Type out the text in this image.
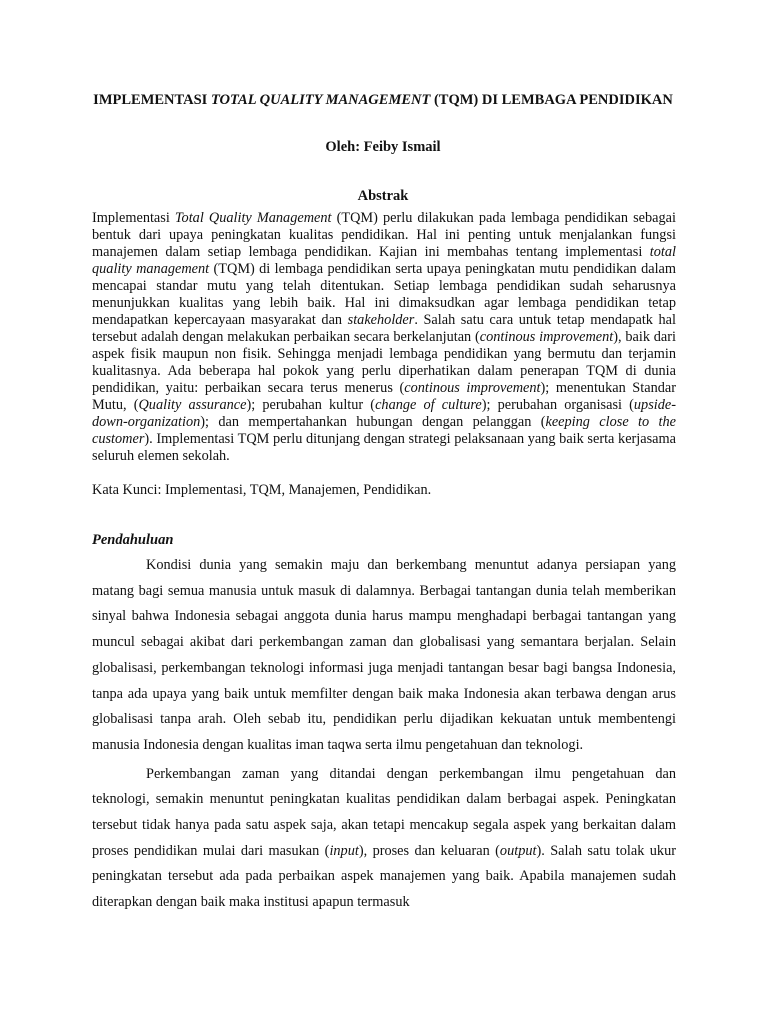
IMPLEMENTASI TOTAL QUALITY MANAGEMENT (TQM) DI LEMBAGA PENDIDIKAN
Oleh: Feiby Ismail
Abstrak
Implementasi Total Quality Management (TQM) perlu dilakukan pada lembaga pendidikan sebagai bentuk dari upaya peningkatan kualitas pendidikan. Hal ini penting untuk menjalankan fungsi manajemen dalam setiap lembaga pendidikan. Kajian ini membahas tentang implementasi total quality management (TQM) di lembaga pendidikan serta upaya peningkatan mutu pendidikan dalam mencapai standar mutu yang telah ditentukan. Setiap lembaga pendidikan sudah seharusnya menunjukkan kualitas yang lebih baik. Hal ini dimaksudkan agar lembaga pendidikan tetap mendapatkan kepercayaan masyarakat dan stakeholder. Salah satu cara untuk tetap mendapatk hal tersebut adalah dengan melakukan perbaikan secara berkelanjutan (continous improvement), baik dari aspek fisik maupun non fisik. Sehingga menjadi lembaga pendidikan yang bermutu dan terjamin kualitasnya. Ada beberapa hal pokok yang perlu diperhatikan dalam penerapan TQM di dunia pendidikan, yaitu: perbaikan secara terus menerus (continous improvement); menentukan Standar Mutu, (Quality assurance); perubahan kultur (change of culture); perubahan organisasi (upside-down-organization); dan mempertahankan hubungan dengan pelanggan (keeping close to the customer). Implementasi TQM perlu ditunjang dengan strategi pelaksanaan yang baik serta kerjasama seluruh elemen sekolah.
Kata Kunci: Implementasi, TQM, Manajemen, Pendidikan.
Pendahuluan

Kondisi dunia yang semakin maju dan berkembang menuntut adanya persiapan yang matang bagi semua manusia untuk masuk di dalamnya. Berbagai tantangan dunia telah memberikan sinyal bahwa Indonesia sebagai anggota dunia harus mampu menghadapi berbagai tantangan yang muncul sebagai akibat dari perkembangan zaman dan globalisasi yang semantara berjalan. Selain globalisasi, perkembangan teknologi informasi juga menjadi tantangan besar bagi bangsa Indonesia, tanpa ada upaya yang baik untuk memfilter dengan baik maka Indonesia akan terbawa dengan arus globalisasi tanpa arah. Oleh sebab itu, pendidikan perlu dijadikan kekuatan untuk membentengi manusia Indonesia dengan kualitas iman taqwa serta ilmu pengetahuan dan teknologi.

Perkembangan zaman yang ditandai dengan perkembangan ilmu pengetahuan dan teknologi, semakin menuntut peningkatan kualitas pendidikan dalam berbagai aspek. Peningkatan tersebut tidak hanya pada satu aspek saja, akan tetapi mencakup segala aspek yang berkaitan dalam proses pendidikan mulai dari masukan (input), proses dan keluaran (output). Salah satu tolak ukur peningkatan tersebut ada pada perbaikan aspek manajemen yang baik. Apabila manajemen sudah diterapkan dengan baik maka institusi apapun termasuk
